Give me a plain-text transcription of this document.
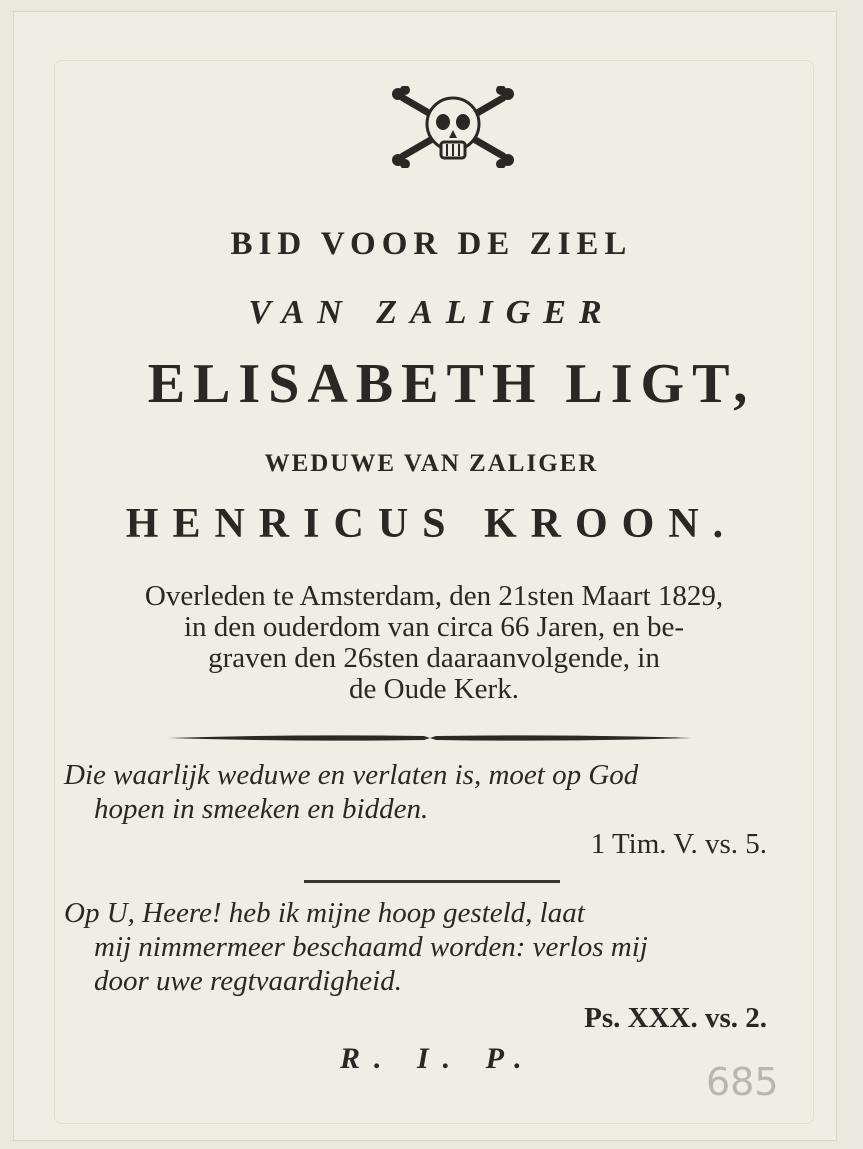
BID VOOR DE ZIEL
VAN ZALIGER
ELISABETH LIGT,
WEDUWE VAN ZALIGER
HENRICUS KROON.
Overleden te Amsterdam, den 21sten Maart 1829,
in den ouderdom van circa 66 Jaren, en be-
graven den 26sten daaraanvolgende, in
de Oude Kerk.
Die waarlijk weduwe en verlaten is, moet op God
hopen in smeeken en bidden.
1 Tim. V. vs. 5.
Op U, Heere! heb ik mijne hoop gesteld, laat
mij nimmermeer beschaamd worden: verlos mij
door uwe regtvaardigheid.
Ps. XXX. vs. 2.
R. I. P.
685
